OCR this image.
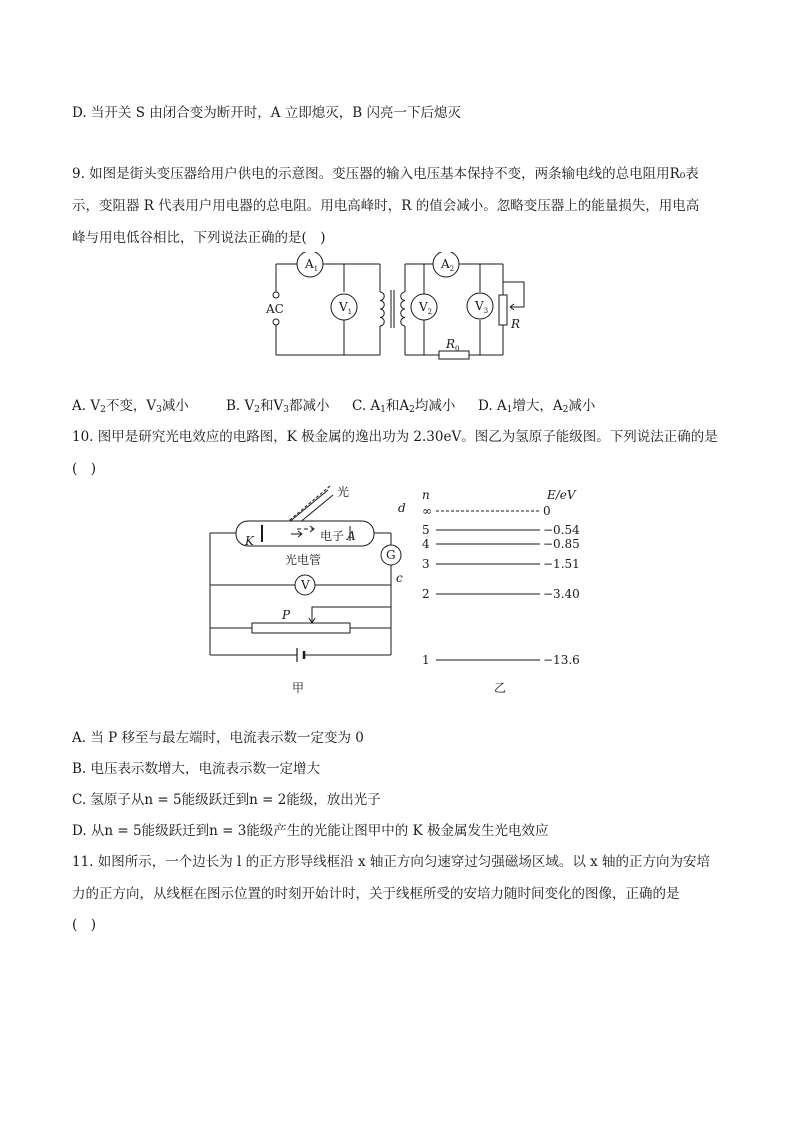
D. 当开关 S 由闭合变为断开时，A 立即熄灭，B 闪亮一下后熄灭
9. 如图是街头变压器给用户供电的示意图。变压器的输入电压基本保持不变，两条输电线的总电阻用R₀表
示，变阻器 R 代表用户用电器的总电阻。用电高峰时，R 的值会减小。忽略变压器上的能量损失，用电高
峰与用电低谷相比，下列说法正确的是(　)
AC
$A_1$
$V_1$
$A_2$
$V_2$	$V_3$
R
$R_0$
A. $V_2$不变，$V_3$减小	B. $V_2$和$V_3$都减小 C. $A_1$和$A_2$均减小 D. $A_1$增大，$A_2$减小
10. 图甲是研究光电效应的电路图，K 极金属的逸出功为 2.30eV。图乙为氢原子能级图。下列说法正确的是
(　)
光
K	电子 A
d
G
光电管
c
V
P
甲
n	E/eV
乙
∞	0
5	−0.54
4	−0.85
3	−1.51
2	−3.40
1	−13.6
A. 当 P 移至与最左端时，电流表示数一定变为 0
B. 电压表示数增大，电流表示数一定增大
C. 氢原子从n = 5能级跃迁到n = 2能级，放出光子
D. 从n = 5能级跃迁到n = 3能级产生的光能让图甲中的 K 极金属发生光电效应
11. 如图所示，一个边长为 l 的正方形导线框沿 x 轴正方向匀速穿过匀强磁场区域。以 x 轴的正方向为安培
力的正方向，从线框在图示位置的时刻开始计时，关于线框所受的安培力随时间变化的图像，正确的是
(　)
